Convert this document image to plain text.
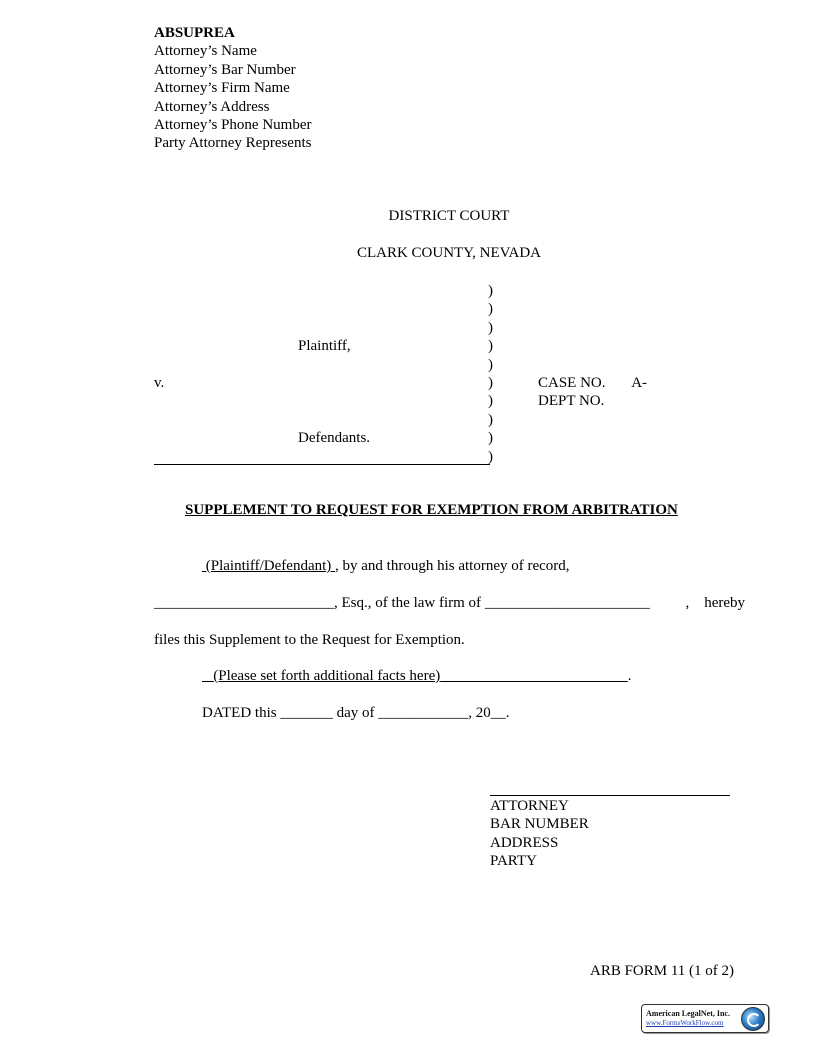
ABSUPREA
Attorney’s Name
Attorney’s Bar Number
Attorney’s Firm Name
Attorney’s Address
Attorney’s Phone Number
Party Attorney Represents
DISTRICT COURT
CLARK COUNTY, NEVADA
)
)
)
)
)
)
)
)
)
)
Plaintiff,
v.
Defendants.
CASE NO. A-
DEPT NO.
SUPPLEMENT TO REQUEST FOR EXEMPTION FROM ARBITRATION
(Plaintiff/Defendant) , by and through his attorney of record,
________________________, Esq., of the law firm of ______________________ ,    hereby
files this Supplement to the Request for Exemption.
(Please set forth additional facts here)	.
DATED this _______ day of ____________, 20__.
ATTORNEY
BAR NUMBER
ADDRESS
PARTY
ARB FORM 11 (1 of 2)
American LegalNet, Inc.
www.FormsWorkFlow.com
